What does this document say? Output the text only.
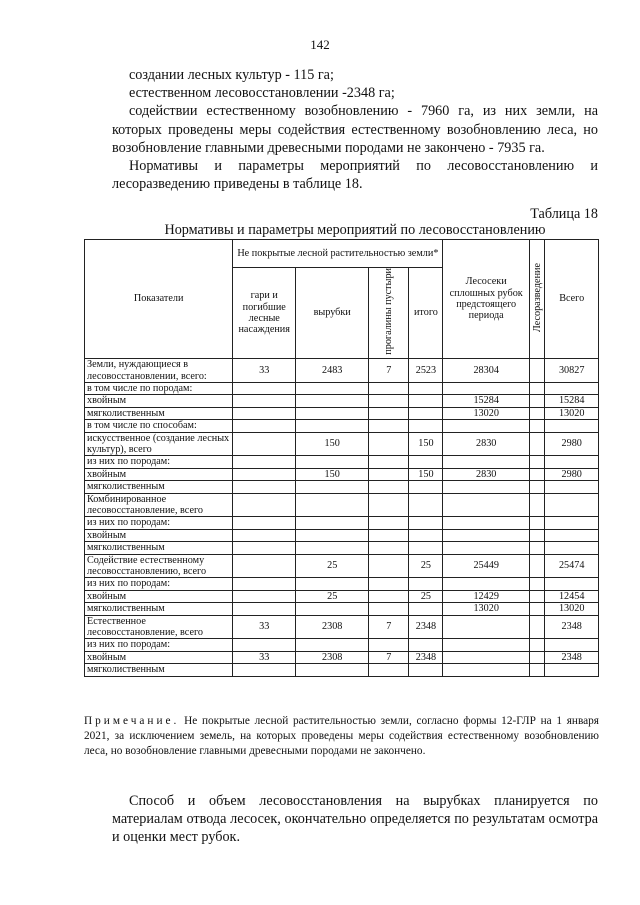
142

создании лесных культур - 115 га;

естественном лесовосстановлении -2348 га;

содействии естественному возобновлению - 7960 га, из них земли, на которых проведены меры содействия естественному возобновлению леса, но возобновление главными древесными породами не закончено - 7935 га.

Нормативы и параметры мероприятий по лесовосстановлению и лесоразведению приведены в таблице 18.

Таблица 18
Нормативы и параметры мероприятий по лесовосстановлению
Показатели	Не покрытые лесной растительностью земли*				Лесосеки сплошных рубок предстоящего периода	Лесоразведение	Всего
	гари и погибшие лесные насаждения	вырубки	прогалины пустыри	итого			
Земли, нуждающиеся в лесовосстановлении, всего:	33	2483	7	2523	28304		30827
в том числе по породам:							
хвойным					15284		15284
мягколиственным					13020		13020
в том числе по способам:							
искусственное (создание лесных культур), всего		150		150	2830		2980
из них по породам:							
хвойным		150		150	2830		2980
мягколиственным							
Комбинированное лесовосстановление, всего							
из них по породам:							
хвойным							
мягколиственным							
Содействие естественному лесовосстановлению, всего		25		25	25449		25474
из них по породам:							
хвойным		25		25	12429		12454
мягколиственным					13020		13020
Естественное лесовосстановление, всего	33	2308	7	2348			2348
из них по породам:							
хвойным	33	2308	7	2348			2348
мягколиственным							
Примечание. Не покрытые лесной растительностью земли, согласно формы 12-ГЛР на 1 января 2021, за исключением земель, на которых проведены меры содействия естественному возобновлению леса, но возобновление главными древесными породами не закончено.

Способ и объем лесовосстановления на вырубках планируется по материалам отвода лесосек, окончательно определяется по результатам осмотра и оценки мест рубок.
